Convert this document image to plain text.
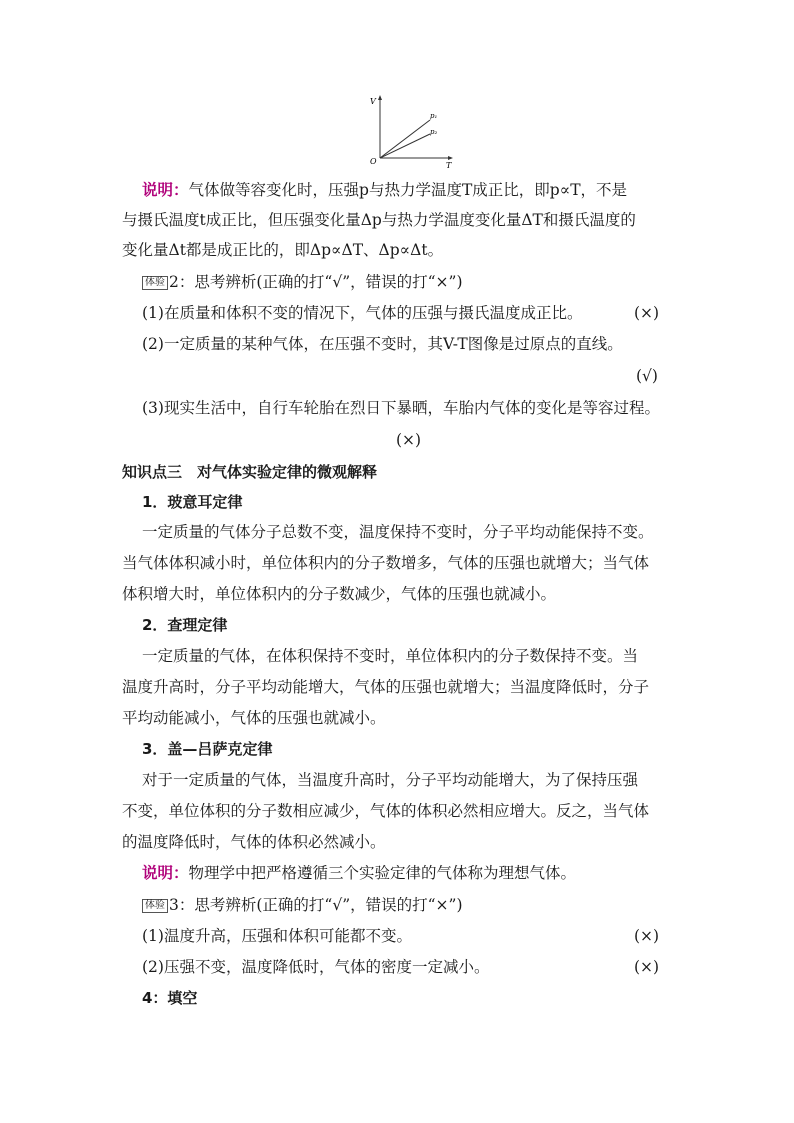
V
T
O
p₁
p₂
说明：气体做等容变化时，压强p与热力学温度T成正比，即p∝T，不是
与摄氏温度t成正比，但压强变化量Δp与热力学温度变化量ΔT和摄氏温度的
变化量Δt都是成正比的，即Δp∝ΔT、Δp∝Δt。
体验 2：思考辨析(正确的打“√”，错误的打“×”)
(1)在质量和体积不变的情况下，气体的压强与摄氏温度成正比。	(×)
(2)一定质量的某种气体，在压强不变时，其V-T图像是过原点的直线。
(√)
(3)现实生活中，自行车轮胎在烈日下暴晒，车胎内气体的变化是等容过程。
(×)
知识点三　对气体实验定律的微观解释
1．玻意耳定律
一定质量的气体分子总数不变，温度保持不变时，分子平均动能保持不变。
当气体体积减小时，单位体积内的分子数增多，气体的压强也就增大；当气体
体积增大时，单位体积内的分子数减少，气体的压强也就减小。
2．查理定律
一定质量的气体，在体积保持不变时，单位体积内的分子数保持不变。当
温度升高时，分子平均动能增大，气体的压强也就增大；当温度降低时，分子
平均动能减小，气体的压强也就减小。
3．盖—吕萨克定律
对于一定质量的气体，当温度升高时，分子平均动能增大，为了保持压强
不变，单位体积的分子数相应减少，气体的体积必然相应增大。反之，当气体
的温度降低时，气体的体积必然减小。
说明：物理学中把严格遵循三个实验定律的气体称为理想气体。
体验 3：思考辨析(正确的打“√”，错误的打“×”)
(1)温度升高，压强和体积可能都不变。	(×)
(2)压强不变，温度降低时，气体的密度一定减小。	(×)
4：填空
